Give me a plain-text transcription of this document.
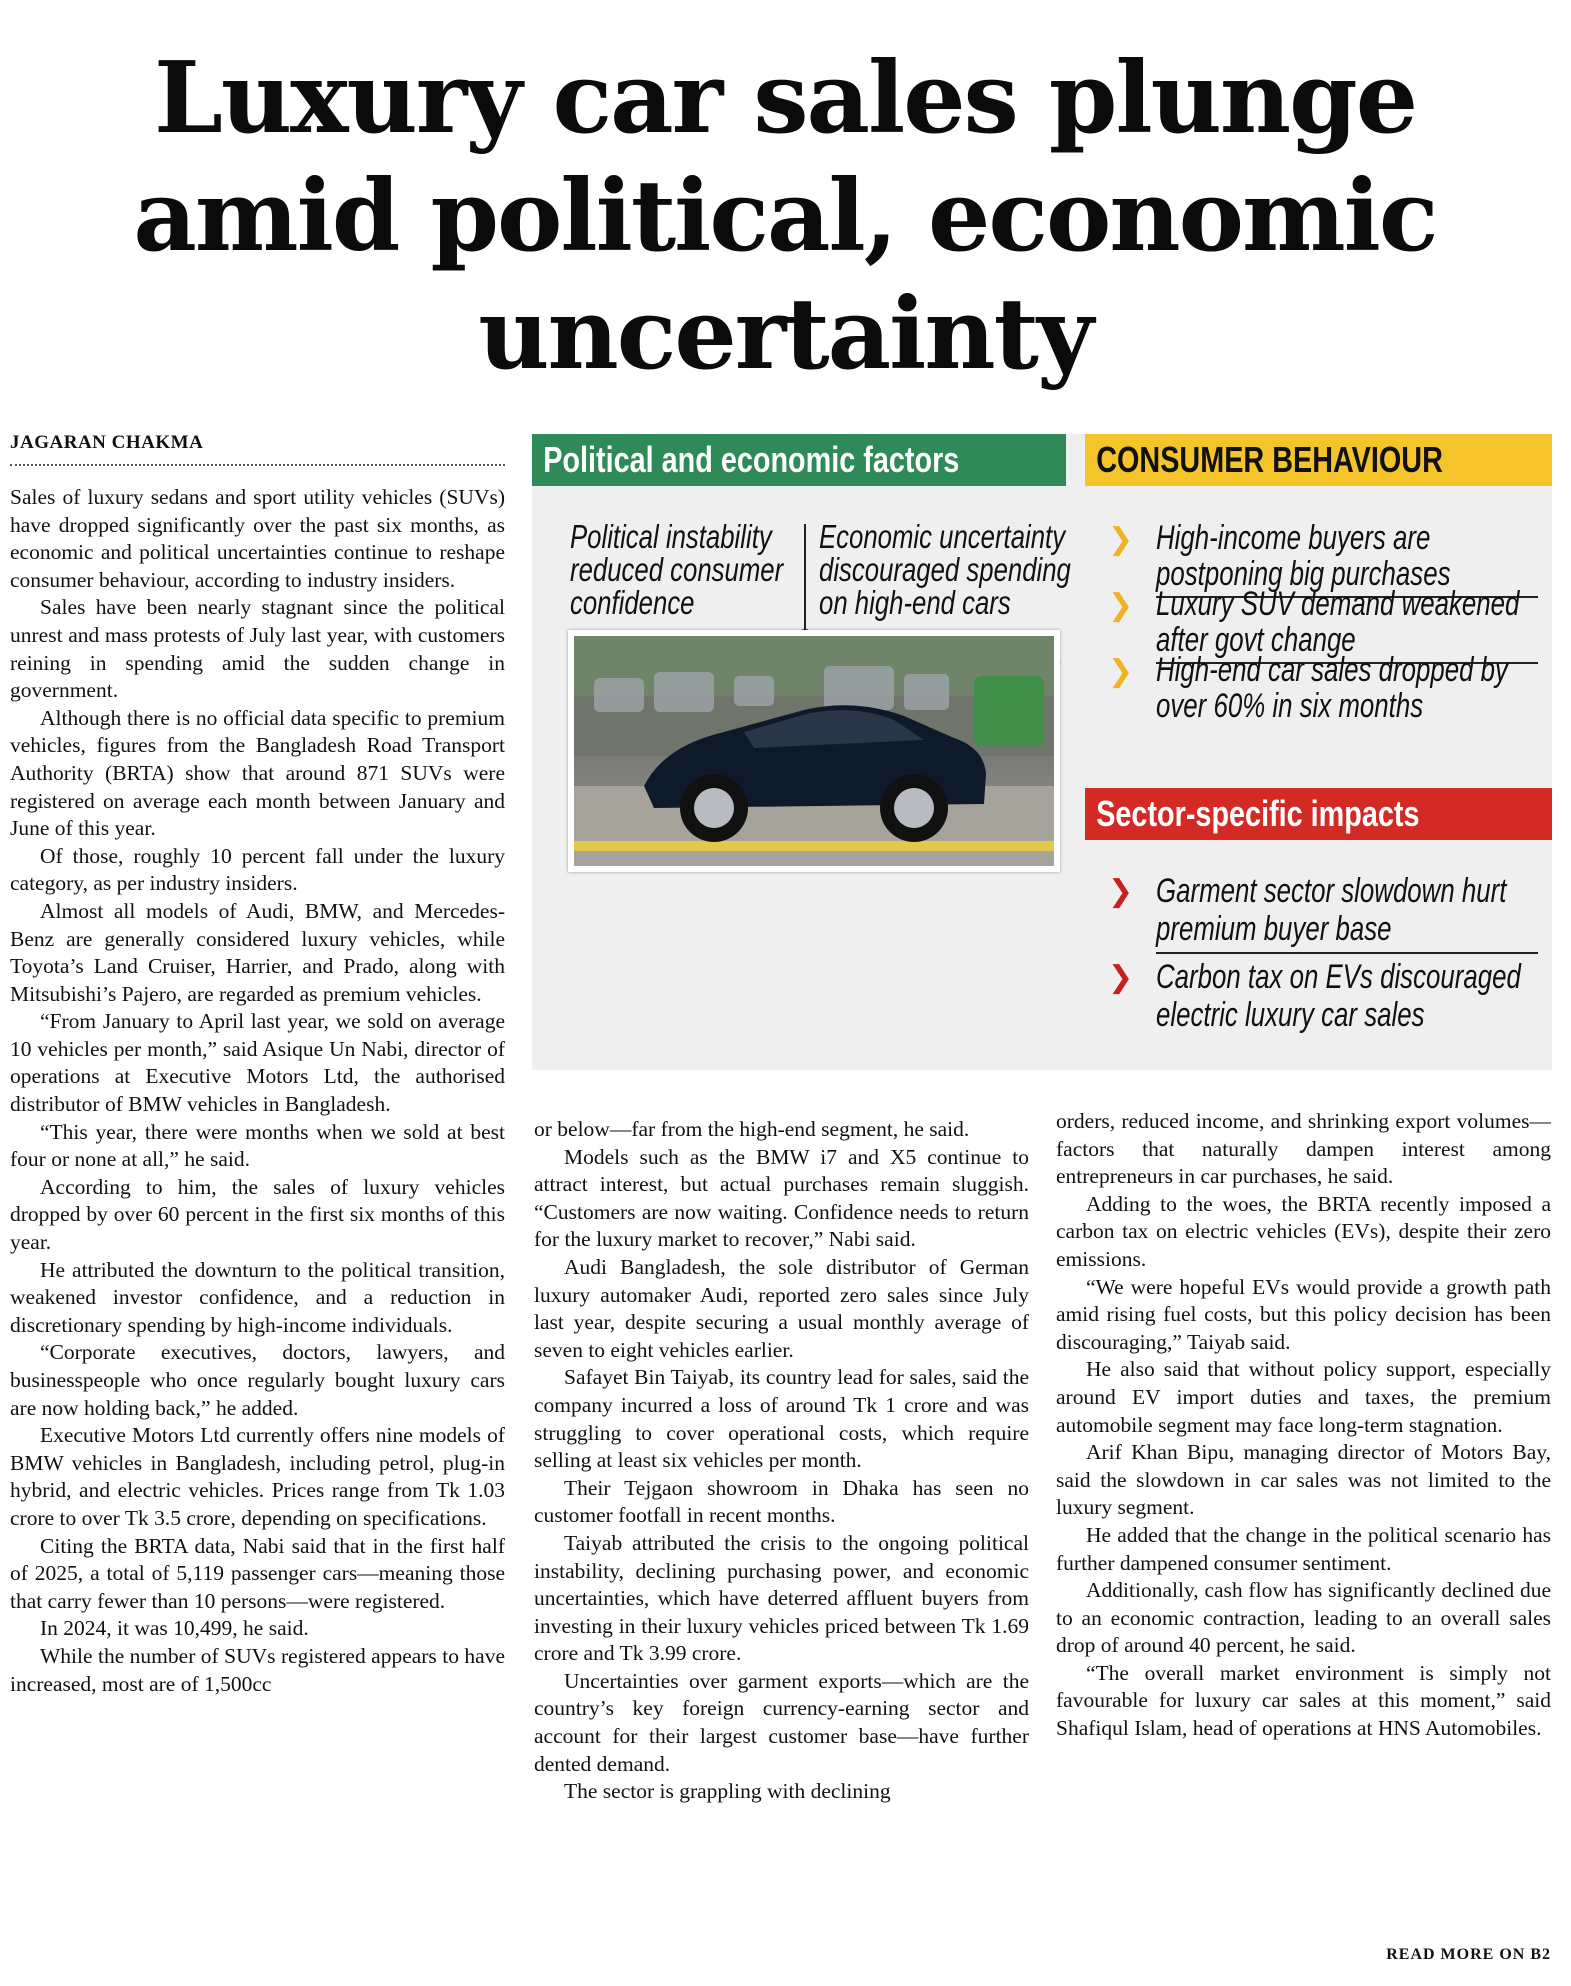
Luxury car sales plunge amid political, economic uncertainty
JAGARAN CHAKMA

Sales of luxury sedans and sport utility vehicles (SUVs) have dropped significantly over the past six months, as economic and political uncertainties continue to reshape consumer behaviour, according to industry insiders.

Sales have been nearly stagnant since the political unrest and mass protests of July last year, with customers reining in spending amid the sudden change in government.

Although there is no official data specific to premium vehicles, figures from the Bangladesh Road Transport Authority (BRTA) show that around 871 SUVs were registered on average each month between January and June of this year.

Of those, roughly 10 percent fall under the luxury category, as per industry insiders.

Almost all models of Audi, BMW, and Mercedes-Benz are generally considered luxury vehicles, while Toyota’s Land Cruiser, Harrier, and Prado, along with Mitsubishi’s Pajero, are regarded as premium vehicles.

“From January to April last year, we sold on average 10 vehicles per month,” said Asique Un Nabi, director of operations at Executive Motors Ltd, the authorised distributor of BMW vehicles in Bangladesh.

“This year, there were months when we sold at best four or none at all,” he said.

According to him, the sales of luxury vehicles dropped by over 60 percent in the first six months of this year.

He attributed the downturn to the political transition, weakened investor confidence, and a reduction in discretionary spending by high-income individuals.

“Corporate executives, doctors, lawyers, and businesspeople who once regularly bought luxury cars are now holding back,” he added.

Executive Motors Ltd currently offers nine models of BMW vehicles in Bangladesh, including petrol, plug-in hybrid, and electric vehicles. Prices range from Tk 1.03 crore to over Tk 3.5 crore, depending on specifications.

Citing the BRTA data, Nabi said that in the first half of 2025, a total of 5,119 passenger cars—meaning those that carry fewer than 10 persons—were registered.

In 2024, it was 10,499, he said.

While the number of SUVs registered appears to have increased, most are of 1,500cc

or below—far from the high-end segment, he said.

Models such as the BMW i7 and X5 continue to attract interest, but actual purchases remain sluggish. “Customers are now waiting. Confidence needs to return for the luxury market to recover,” Nabi said.

Audi Bangladesh, the sole distributor of German luxury automaker Audi, reported zero sales since July last year, despite securing a usual monthly average of seven to eight vehicles earlier.

Safayet Bin Taiyab, its country lead for sales, said the company incurred a loss of around Tk 1 crore and was struggling to cover operational costs, which require selling at least six vehicles per month.

Their Tejgaon showroom in Dhaka has seen no customer footfall in recent months.

Taiyab attributed the crisis to the ongoing political instability, declining purchasing power, and economic uncertainties, which have deterred affluent buyers from investing in their luxury vehicles priced between Tk 1.69 crore and Tk 3.99 crore.

Uncertainties over garment exports—which are the country’s key foreign currency-earning sector and account for their largest customer base—have further dented demand.

The sector is grappling with declining

orders, reduced income, and shrinking export volumes—factors that naturally dampen interest among entrepreneurs in car purchases, he said.

Adding to the woes, the BRTA recently imposed a carbon tax on electric vehicles (EVs), despite their zero emissions.

“We were hopeful EVs would provide a growth path amid rising fuel costs, but this policy decision has been discouraging,” Taiyab said.

He also said that without policy support, especially around EV import duties and taxes, the premium automobile segment may face long-term stagnation.

Arif Khan Bipu, managing director of Motors Bay, said the slowdown in car sales was not limited to the luxury segment.

He added that the change in the political scenario has further dampened consumer sentiment.

Additionally, cash flow has significantly declined due to an economic contraction, leading to an overall sales drop of around 40 percent, he said.

“The overall market environment is simply not favourable for luxury car sales at this moment,” said Shafiqul Islam, head of operations at HNS Automobiles.

READ MORE ON B2
Political and economic factors	CONSUMER BEHAVIOUR
Political instability
reduced consumer
confidence
Economic uncertainty
discouraged spending
on high-end cars
❯ High-income buyers are
postponing big purchases
❯ Luxury SUV demand weakened
after govt change
❯ High-end car sales dropped by
over 60% in six months
Sector-specific impacts
❯ Garment sector slowdown hurt
premium buyer base
❯ Carbon tax on EVs discouraged
electric luxury car sales
